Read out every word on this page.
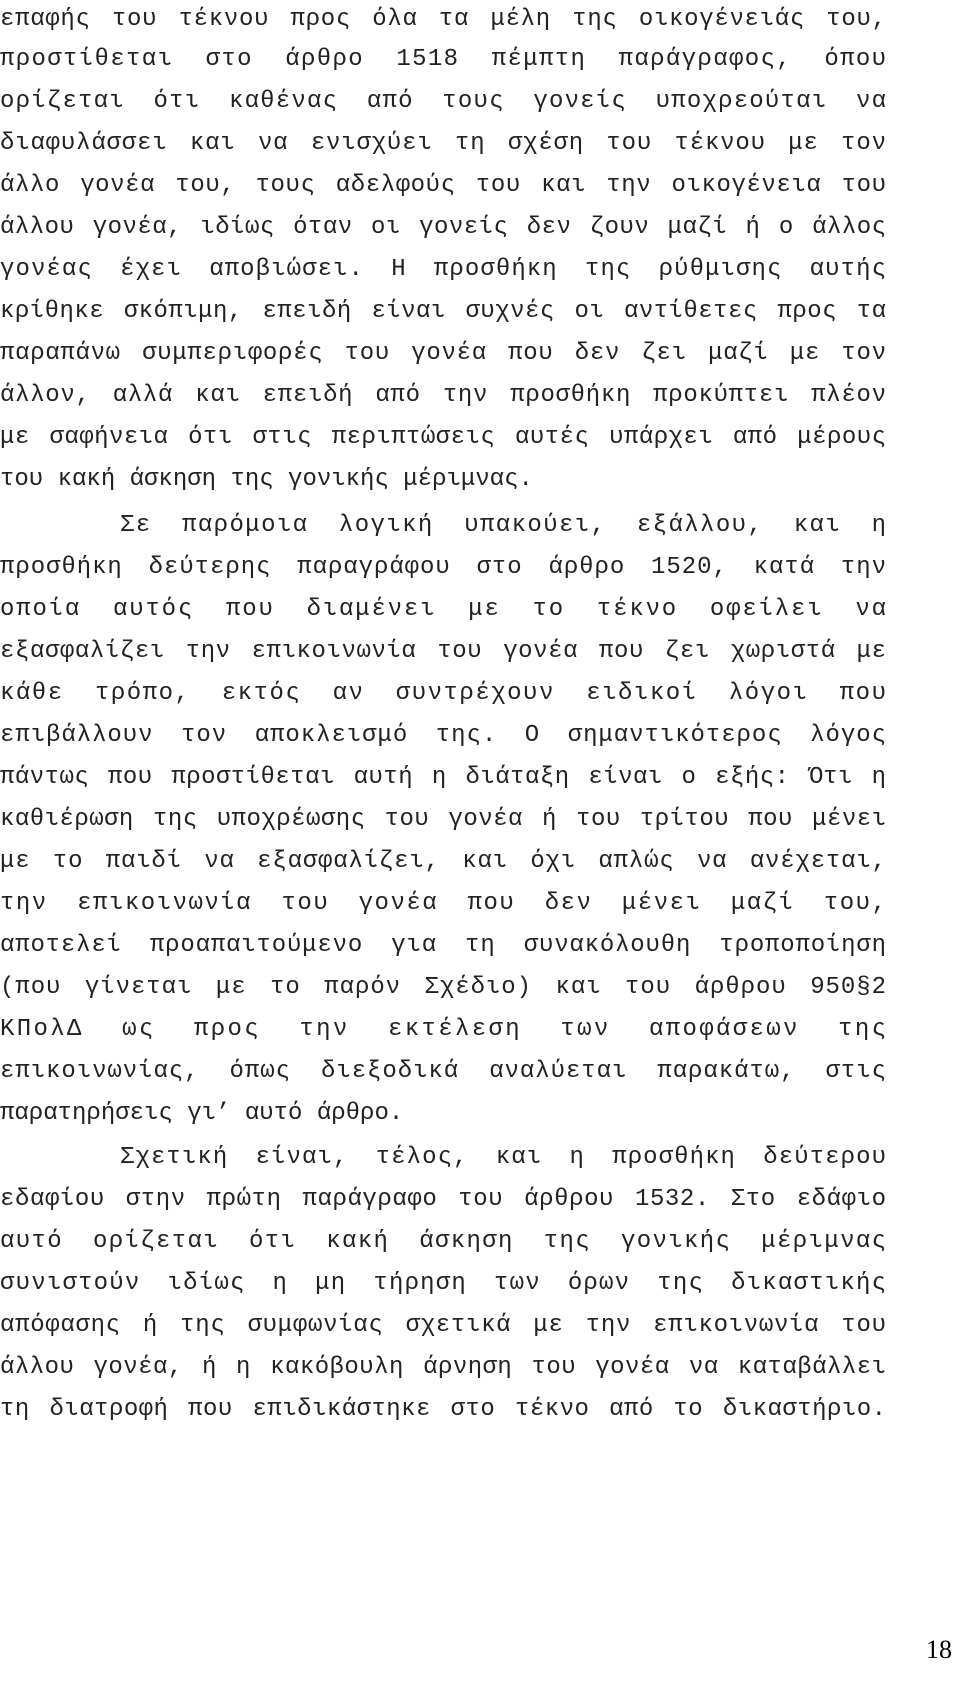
επαφής του τέκνου προς όλα τα μέλη της οικογένειάς του,
προστίθεται στο άρθρο 1518 πέμπτη παράγραφος, όπου
ορίζεται ότι καθένας από τους γονείς υποχρεούται να
διαφυλάσσει και να ενισχύει τη σχέση του τέκνου με τον
άλλο γονέα του, τους αδελφούς του και την οικογένεια του
άλλου γονέα, ιδίως όταν οι γονείς δεν ζουν μαζί ή ο άλλος
γονέας έχει αποβιώσει. Η προσθήκη της ρύθμισης αυτής
κρίθηκε σκόπιμη, επειδή είναι συχνές οι αντίθετες προς τα
παραπάνω συμπεριφορές του γονέα που δεν ζει μαζί με τον
άλλον, αλλά και επειδή από την προσθήκη προκύπτει πλέον
με σαφήνεια ότι στις περιπτώσεις αυτές υπάρχει από μέρους
του κακή άσκηση της γονικής μέριμνας.
Σε παρόμοια λογική υπακούει, εξάλλου, και η
προσθήκη δεύτερης παραγράφου στο άρθρο 1520, κατά την
οποία αυτός που διαμένει με το τέκνο οφείλει να
εξασφαλίζει την επικοινωνία του γονέα που ζει χωριστά με
κάθε τρόπο, εκτός αν συντρέχουν ειδικοί λόγοι που
επιβάλλουν τον αποκλεισμό της. Ο σημαντικότερος λόγος
πάντως που προστίθεται αυτή η διάταξη είναι ο εξής: Ότι η
καθιέρωση της υποχρέωσης του γονέα ή του τρίτου που μένει
με το παιδί να εξασφαλίζει, και όχι απλώς να ανέχεται,
την επικοινωνία του γονέα που δεν μένει μαζί του,
αποτελεί προαπαιτούμενο για τη συνακόλουθη τροποποίηση
(που γίνεται με το παρόν Σχέδιο) και του άρθρου 950§2
ΚΠολΔ ως προς την εκτέλεση των αποφάσεων της
επικοινωνίας, όπως διεξοδικά αναλύεται παρακάτω, στις
παρατηρήσεις γι’ αυτό άρθρο.
Σχετική είναι, τέλος, και η προσθήκη δεύτερου
εδαφίου στην πρώτη παράγραφο του άρθρου 1532. Στο εδάφιο
αυτό ορίζεται ότι κακή άσκηση της γονικής μέριμνας
συνιστούν ιδίως η μη τήρηση των όρων της δικαστικής
απόφασης ή της συμφωνίας σχετικά με την επικοινωνία του
άλλου γονέα, ή η κακόβουλη άρνηση του γονέα να καταβάλλει
τη διατροφή που επιδικάστηκε στο τέκνο από το δικαστήριο.
18
